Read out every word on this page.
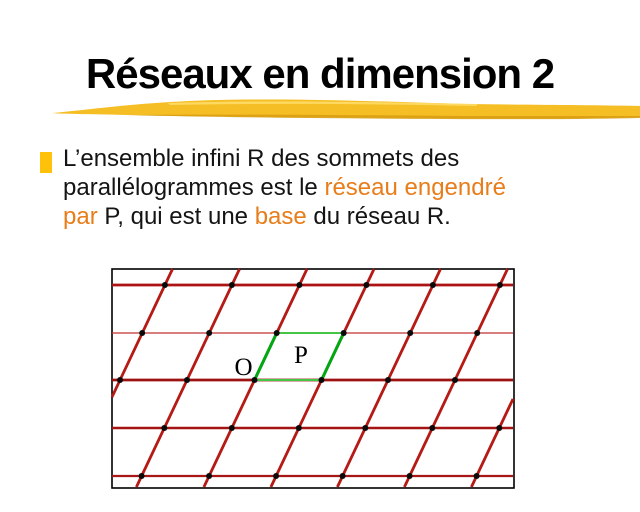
Réseaux en dimension 2
L’ensemble infini R des sommets des
parallélogrammes est le réseau engendré
par P, qui est une base du réseau R.
O P
